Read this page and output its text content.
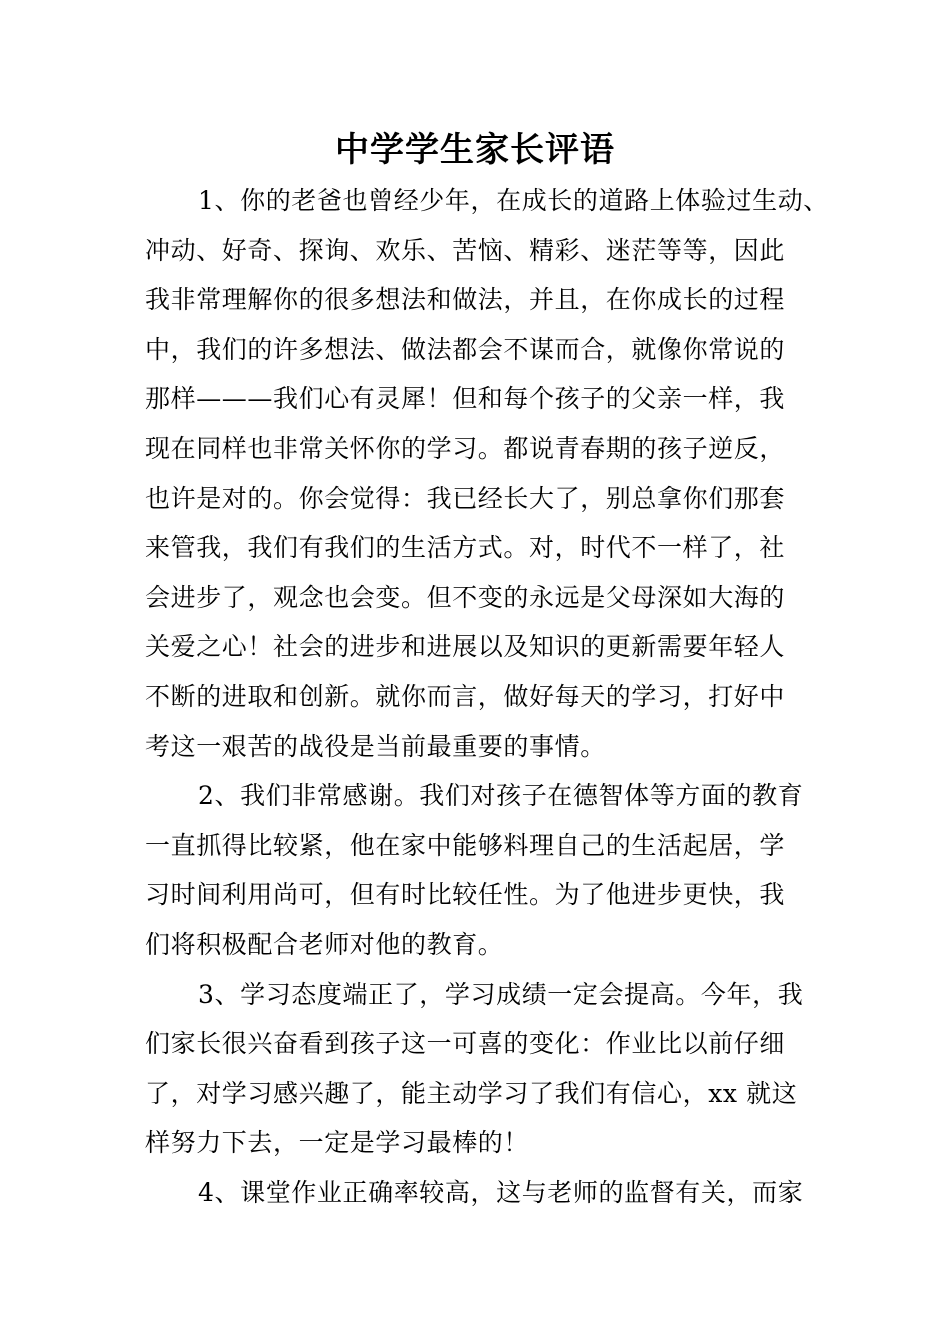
中学学生家长评语
1、你的老爸也曾经少年，在成长的道路上体验过生动、
冲动、好奇、探询、欢乐、苦恼、精彩、迷茫等等，因此
我非常理解你的很多想法和做法，并且，在你成长的过程
中，我们的许多想法、做法都会不谋而合，就像你常说的
那样———我们心有灵犀！但和每个孩子的父亲一样，我
现在同样也非常关怀你的学习。都说青春期的孩子逆反，
也许是对的。你会觉得：我已经长大了，别总拿你们那套
来管我，我们有我们的生活方式。对，时代不一样了，社
会进步了，观念也会变。但不变的永远是父母深如大海的
关爱之心！社会的进步和进展以及知识的更新需要年轻人
不断的进取和创新。就你而言，做好每天的学习，打好中
考这一艰苦的战役是当前最重要的事情。
2、我们非常感谢。我们对孩子在德智体等方面的教育
一直抓得比较紧，他在家中能够料理自己的生活起居，学
习时间利用尚可，但有时比较任性。为了他进步更快，我
们将积极配合老师对他的教育。
3、学习态度端正了，学习成绩一定会提高。今年，我
们家长很兴奋看到孩子这一可喜的变化：作业比以前仔细
了，对学习感兴趣了，能主动学习了我们有信心，xx 就这
样努力下去，一定是学习最棒的！
4、课堂作业正确率较高，这与老师的监督有关，而家
